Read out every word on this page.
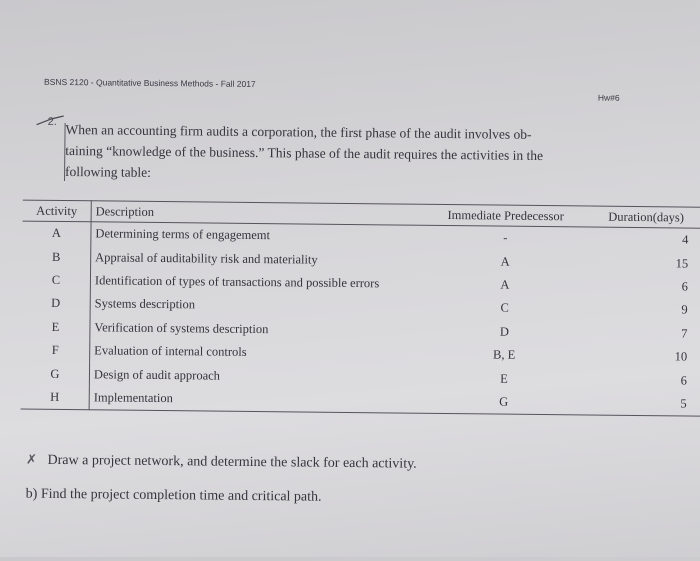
BSNS 2120 - Quantitative Business Methods - Fall 2017
Hw#6
2.
When an accounting firm audits a corporation, the first phase of the audit involves ob-
taining “knowledge of the business.” This phase of the audit requires the activities in the
following table:
Activity	Description	Immediate Predecessor	Duration(days)
A	Determining terms of engagememt	-	4
B	Appraisal of auditability risk and materiality	A	15
C	Identification of types of transactions and possible errors	A	6
D	Systems description	C	9
E	Verification of systems description	D	7
F	Evaluation of internal controls	B, E	10
G	Design of audit approach	E	6
H	Implementation	G	5
✗ Draw a project network, and determine the slack for each activity.
b) Find the project completion time and critical path.
